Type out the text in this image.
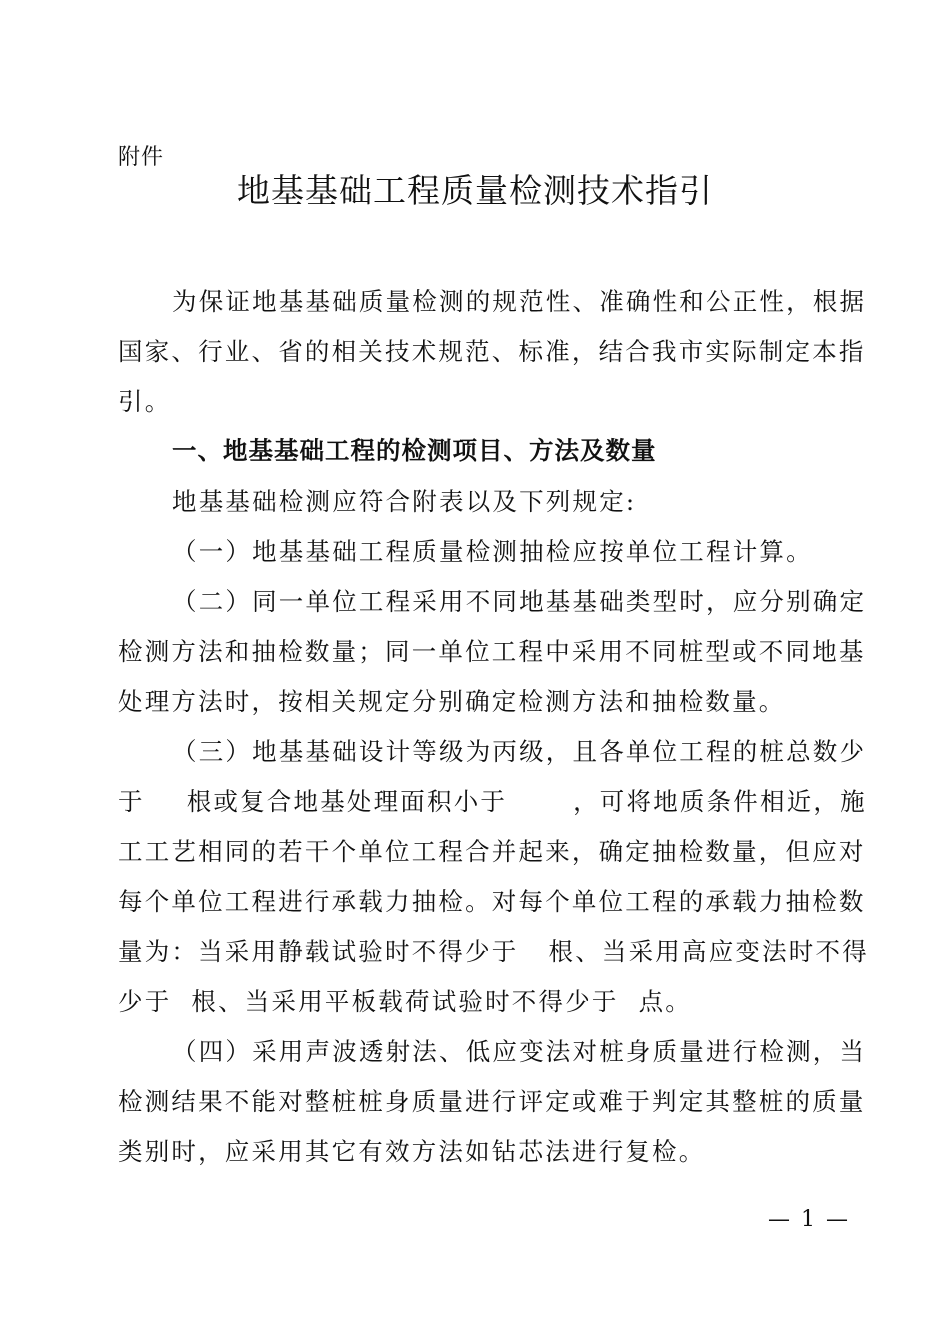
附件
地基基础工程质量检测技术指引
为保证地基基础质量检测的规范性、准确性和公正性，根据
国家、行业、省的相关技术规范、标准，结合我市实际制定本指
引。
一、地基基础工程的检测项目、方法及数量
地基基础检测应符合附表以及下列规定:
（一）地基基础工程质量检测抽检应按单位工程计算。
（二）同一单位工程采用不同地基基础类型时，应分别确定
检测方法和抽检数量；同一单位工程中采用不同桩型或不同地基
处理方法时，按相关规定分别确定检测方法和抽检数量。
（三）地基基础设计等级为丙级，且各单位工程的桩总数少
于 根或复合地基处理面积小于	，可将地质条件相近，施
工工艺相同的若干个单位工程合并起来，确定抽检数量，但应对
每个单位工程进行承载力抽检。对每个单位工程的承载力抽检数
量为：当采用静载试验时不得少于 根、当采用高应变法时不得
少于 根、当采用平板载荷试验时不得少于 点。
（四）采用声波透射法、低应变法对桩身质量进行检测，当
检测结果不能对整桩桩身质量进行评定或难于判定其整桩的质量
类别时，应采用其它有效方法如钻芯法进行复检。
— 1 —
